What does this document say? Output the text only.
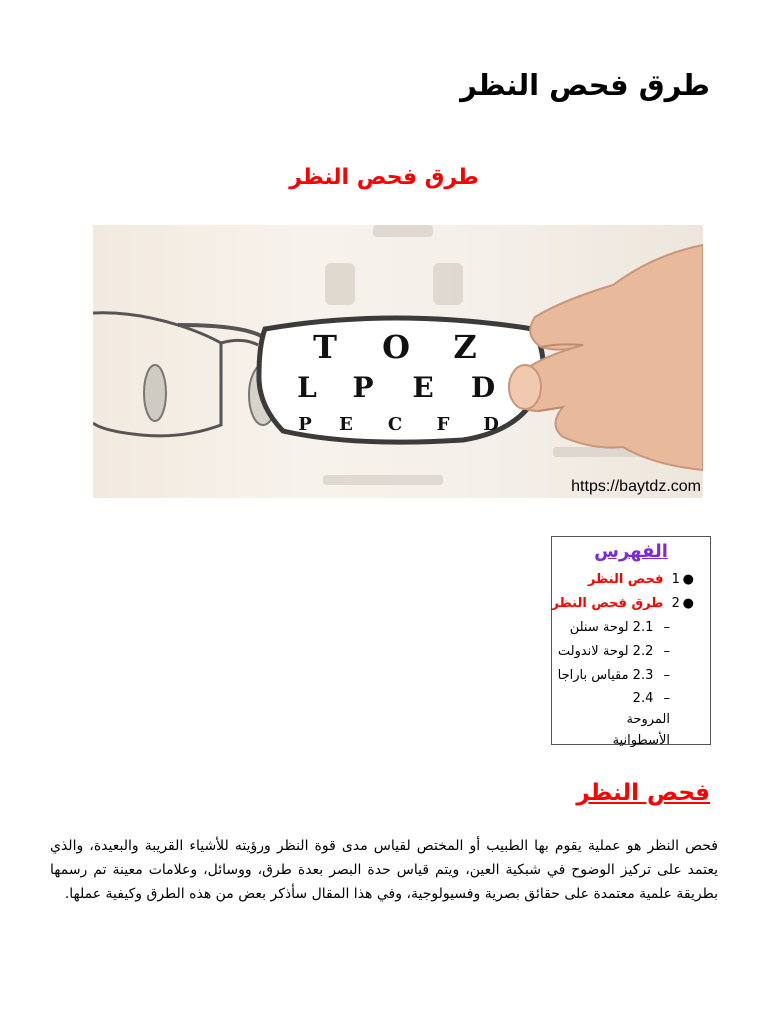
طرق فحص النظر
طرق فحص النظر
T O Z
L P E D
P E C F D
https://baytdz.com
الفهرس
● 1 فحص النظر
● 2 طرق فحص النظر
– 2.1 لوحة سنلن
– 2.2 لوحة لاندولت
– 2.3 مقياس باراجا
– 2.4 المروحة الأسطوانية
فحص النظر

فحص النظر هو عملية يقوم بها الطبيب أو المختص لقياس مدى قوة النظر ورؤيته للأشياء القريبة والبعيدة، والذي يعتمد على تركيز الوضوح في شبكية العين، ويتم قياس حدة البصر بعدة طرق، ووسائل، وعلامات معينة تم رسمها بطريقة علمية معتمدة على حقائق بصرية وفسيولوجية، وفي هذا المقال سأذكر بعض من هذه الطرق وكيفية عملها.
